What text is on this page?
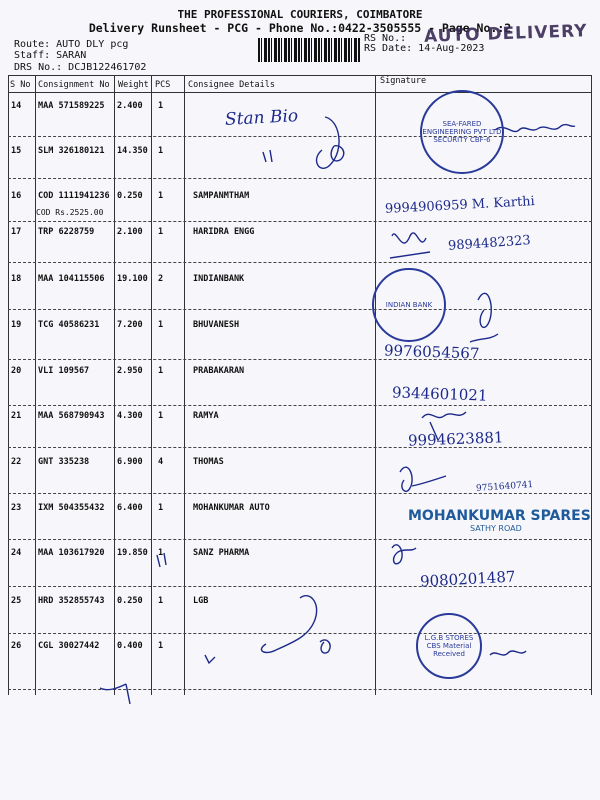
THE PROFESSIONAL COURIERS, COIMBATORE
Delivery Runsheet - PCG - Phone No.:0422-3505555 - Page No.:2
Route: AUTO DLY pcg
Staff: SARAN
DRS No.: DCJB122461702
RS No.:
RS Date: 14-Aug-2023
AUTO DELIVERY
S No Consignment No Weight PCS Consignee Details	Signature
14 MAA 571589225 2.400 1
15 SLM 326180121 14.350 1
16 COD 1111941236 0.250 1	SAMPANMTHAM
COD Rs.2525.00
17 TRP 6228759	2.100 1	HARIDRA ENGG
18 MAA 104115506 19.100 2	INDIANBANK
19 TCG 40586231 7.200 1	BHUVANESH
20 VLI 109567	2.950 1	PRABAKARAN
21 MAA 568790943 4.300 1	RAMYA
22 GNT 335238	6.900 4	THOMAS
23 IXM 504355432 6.400 1	MOHANKUMAR AUTO
24 MAA 103617920 19.850 1	SANZ PHARMA
25 HRD 352855743 0.250 1	LGB
26 CGL 30027442 0.400 1
Stan Bio
9994906959 M. Karthi
9894482323
9976054567
9344601021
9994623881
9751640741
9080201487
SEA-FARED ENGINEERING PVT LTD SECURITY CBF-6
INDIAN BANK
MOHANKUMAR SPARES
SATHY ROAD
L.G.B STORES CBS Material Received
